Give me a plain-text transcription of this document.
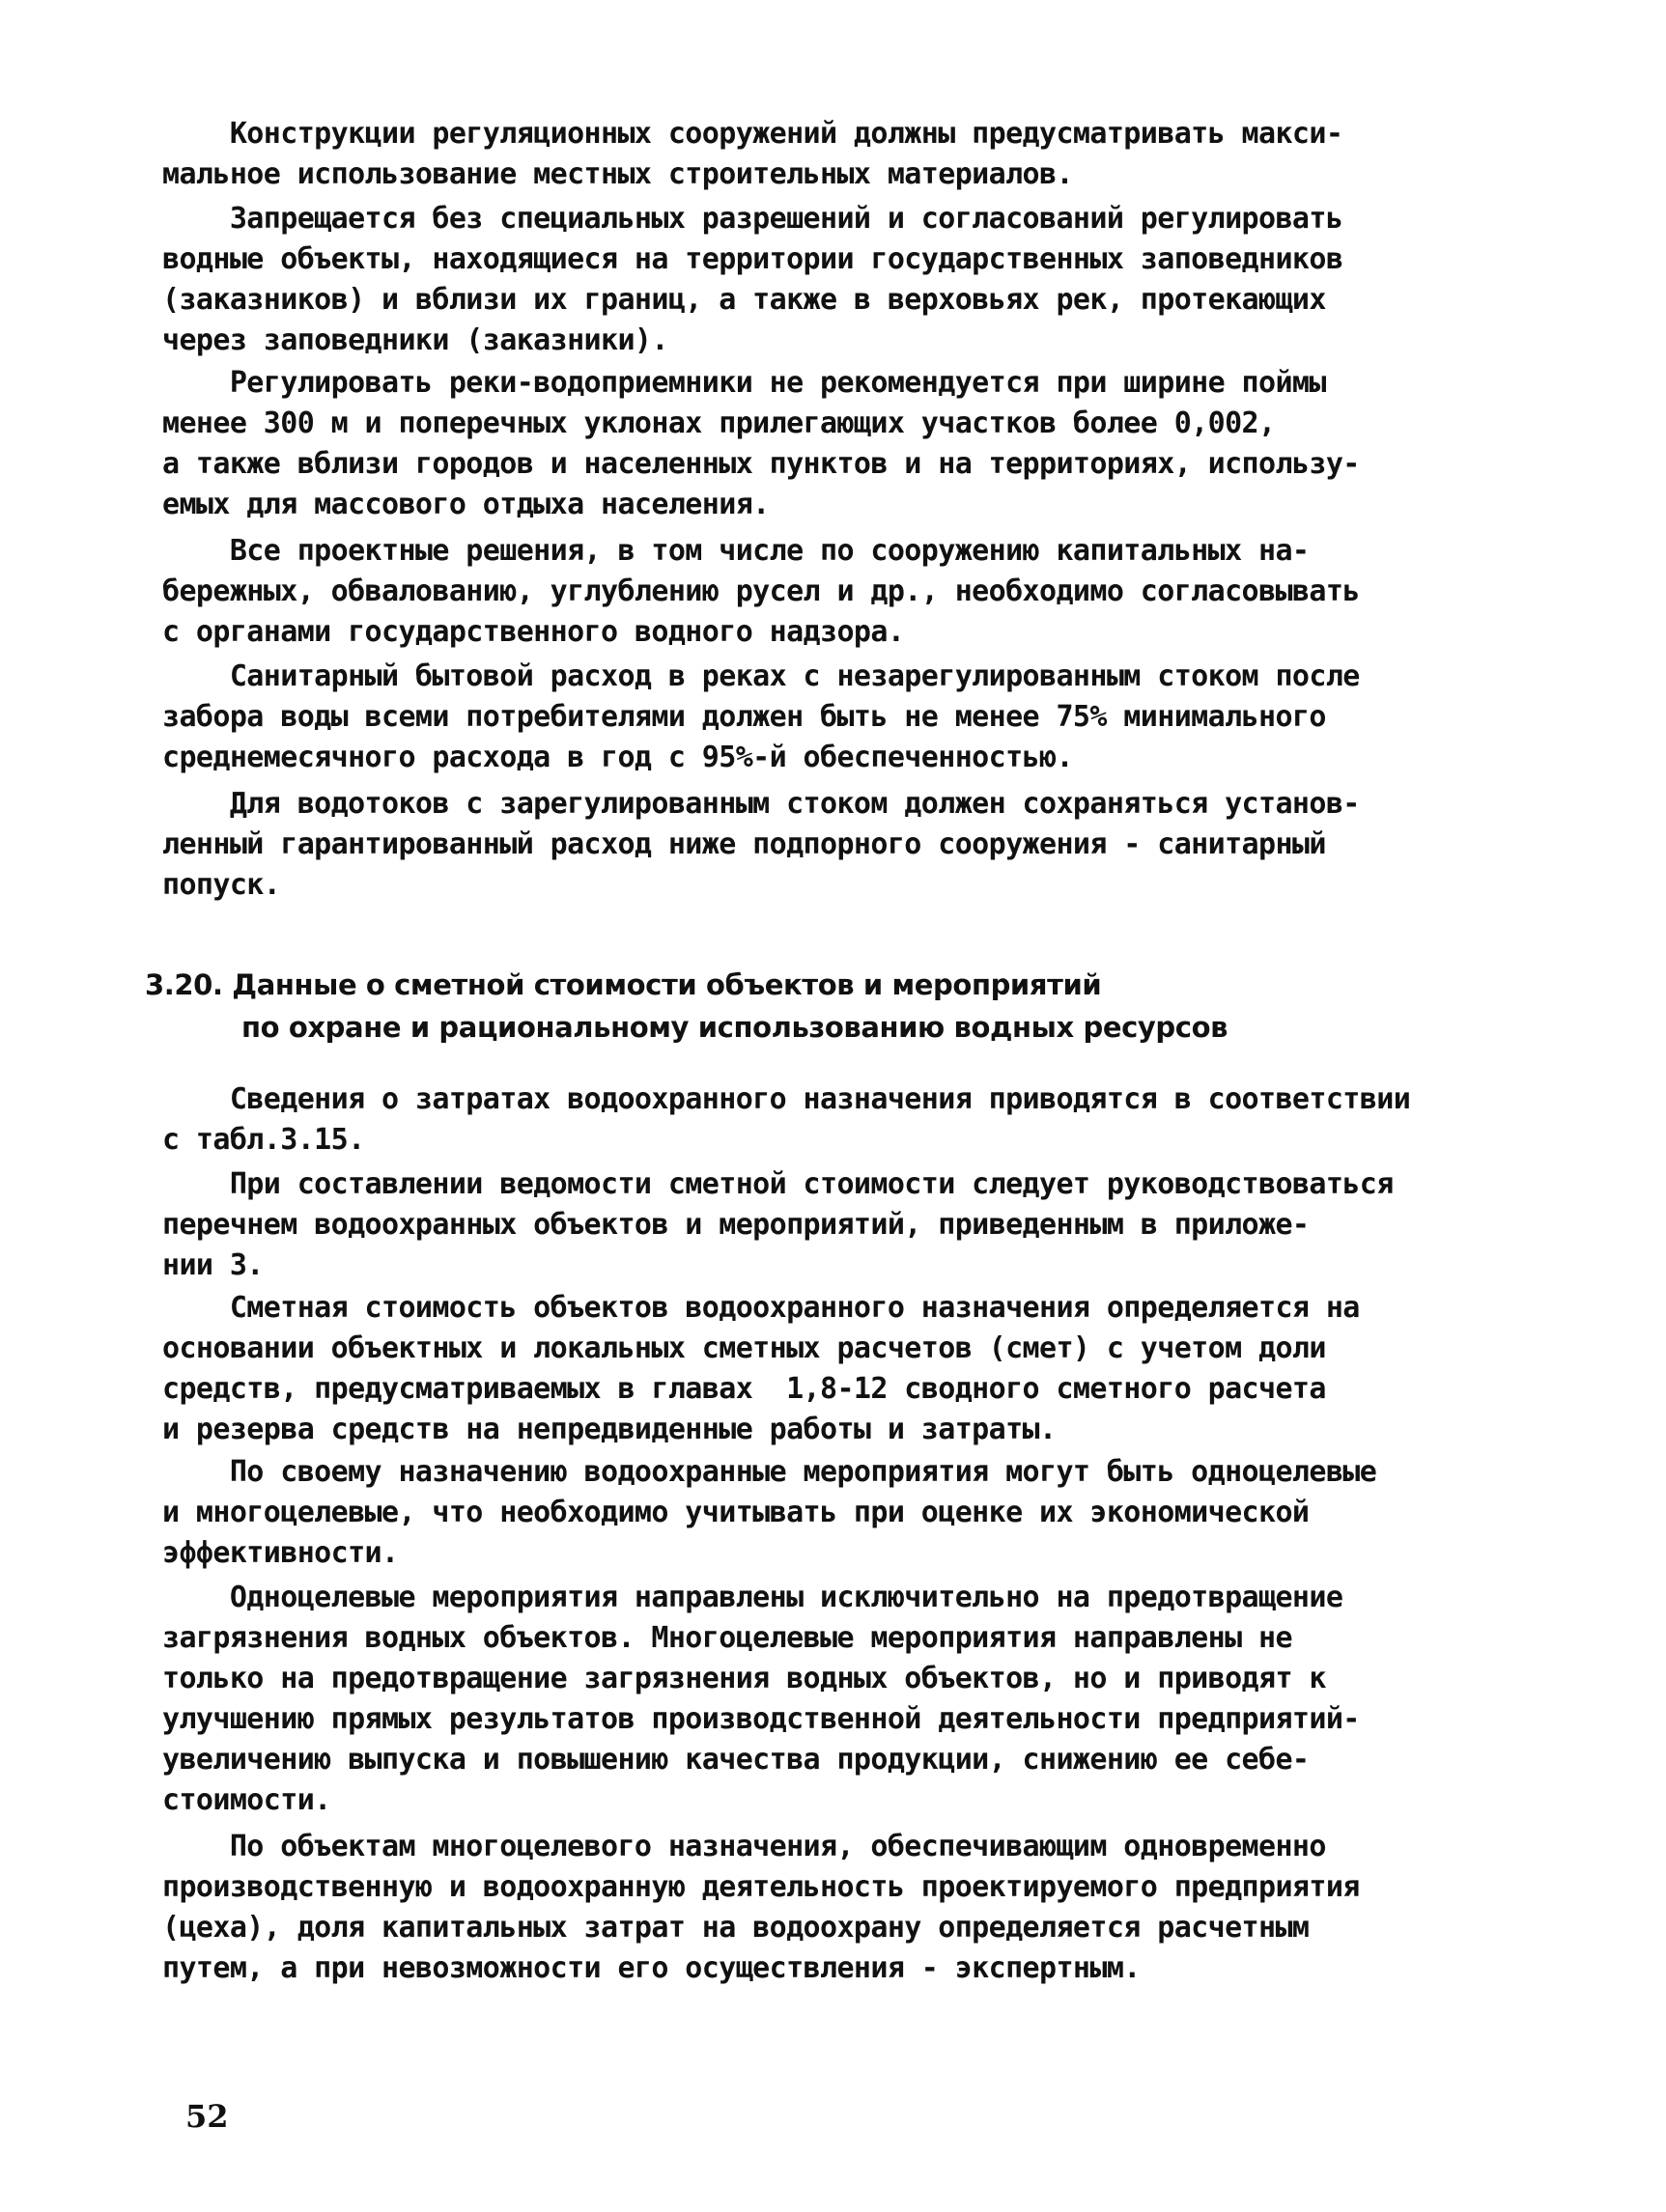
Конструкции регуляционных сооружений должны предусматривать макси-
мальное использование местных строительных материалов.
Запрещается без специальных разрешений и согласований регулировать
водные объекты, находящиеся на территории государственных заповедников
(заказников) и вблизи их границ, а также в верховьях рек, протекающих
через заповедники (заказники).
Регулировать реки-водоприемники не рекомендуется при ширине поймы
менее 300 м и поперечных уклонах прилегающих участков более 0,002,
а также вблизи городов и населенных пунктов и на территориях, использу-
емых для массового отдыха населения.
Все проектные решения, в том числе по сооружению капитальных на-
бережных, обвалованию, углублению русел и др., необходимо согласовывать
с органами государственного водного надзора.
Санитарный бытовой расход в реках с незарегулированным стоком после
забора воды всеми потребителями должен быть не менее 75% минимального
среднемесячного расхода в год с 95%-й обеспеченностью.
Для водотоков с зарегулированным стоком должен сохраняться установ-
ленный гарантированный расход ниже подпорного сооружения - санитарный
попуск.
3.20. Данные о сметной стоимости объектов и мероприятий
по охране и рациональному использованию водных ресурсов
Сведения о затратах водоохранного назначения приводятся в соответствии
с табл.3.15.
При составлении ведомости сметной стоимости следует руководствоваться
перечнем водоохранных объектов и мероприятий, приведенным в приложе-
нии 3.
Сметная стоимость объектов водоохранного назначения определяется на
основании объектных и локальных сметных расчетов (смет) с учетом доли
средств, предусматриваемых в главах  1,8-12 сводного сметного расчета
и резерва средств на непредвиденные работы и затраты.
По своему назначению водоохранные мероприятия могут быть одноцелевые
и многоцелевые, что необходимо учитывать при оценке их экономической
эффективности.
Одноцелевые мероприятия направлены исключительно на предотвращение
загрязнения водных объектов. Многоцелевые мероприятия направлены не
только на предотвращение загрязнения водных объектов, но и приводят к
улучшению прямых результатов производственной деятельности предприятий-
увеличению выпуска и повышению качества продукции, снижению ее себе-
стоимости.
По объектам многоцелевого назначения, обеспечивающим одновременно
производственную и водоохранную деятельность проектируемого предприятия
(цеха), доля капитальных затрат на водоохрану определяется расчетным
путем, а при невозможности его осуществления - экспертным.
52
